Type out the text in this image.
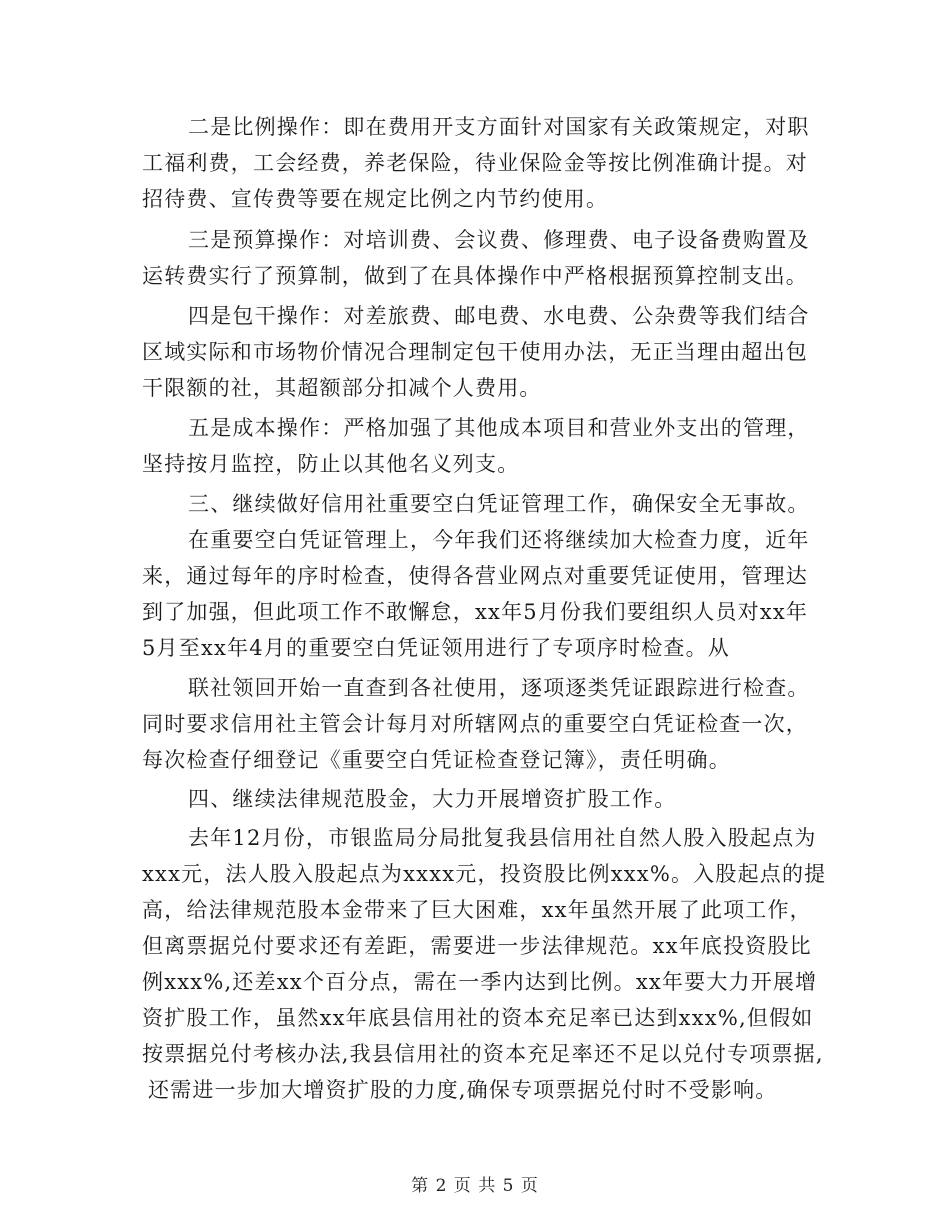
二是比例操作：即在费用开支方面针对国家有关政策规定，对职
工福利费，工会经费，养老保险，待业保险金等按比例准确计提。对
招待费、宣传费等要在规定比例之内节约使用。
三是预算操作：对培训费、会议费、修理费、电子设备费购置及
运转费实行了预算制，做到了在具体操作中严格根据预算控制支出。
四是包干操作：对差旅费、邮电费、水电费、公杂费等我们结合
区域实际和市场物价情况合理制定包干使用办法，无正当理由超出包
干限额的社，其超额部分扣减个人费用。
五是成本操作：严格加强了其他成本项目和营业外支出的管理，
坚持按月监控，防止以其他名义列支。
三、继续做好信用社重要空白凭证管理工作，确保安全无事故。
在重要空白凭证管理上，今年我们还将继续加大检查力度，近年
来，通过每年的序时检查，使得各营业网点对重要凭证使用，管理达
到了加强，但此项工作不敢懈怠，xx年5月份我们要组织人员对xx年
5月至xx年4月的重要空白凭证领用进行了专项序时检查。从
联社领回开始一直查到各社使用，逐项逐类凭证跟踪进行检查。
同时要求信用社主管会计每月对所辖网点的重要空白凭证检查一次，
每次检查仔细登记《重要空白凭证检查登记簿》，责任明确。
四、继续法律规范股金，大力开展增资扩股工作。
去年12月份，市银监局分局批复我县信用社自然人股入股起点为
xxx元，法人股入股起点为xxxx元，投资股比例xxx%。入股起点的提
高，给法律规范股本金带来了巨大困难，xx年虽然开展了此项工作，
但离票据兑付要求还有差距，需要进一步法律规范。xx年底投资股比
例xxx%,还差xx个百分点，需在一季内达到比例。xx年要大力开展增
资扩股工作，虽然xx年底县信用社的资本充足率已达到xxx%,但假如
按票据兑付考核办法,我县信用社的资本充足率还不足以兑付专项票据,
还需进一步加大增资扩股的力度,确保专项票据兑付时不受影响。
第 2 页 共 5 页
